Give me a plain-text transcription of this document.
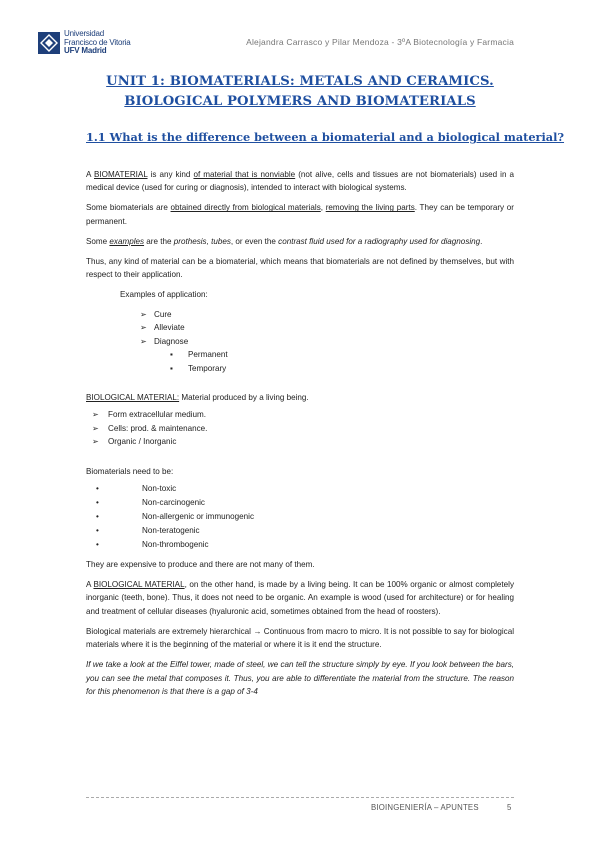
Universidad
Francisco de Vitoria
UFV Madrid
Alejandra Carrasco y Pilar Mendoza - 3ºA Biotecnología y Farmacia
UNIT 1: BIOMATERIALS: METALS AND CERAMICS.
BIOLOGICAL POLYMERS AND BIOMATERIALS
1.1 What is the difference between a biomaterial and a biological material?

A BIOMATERIAL is any kind of material that is nonviable (not alive, cells and tissues are not biomaterials) used in a medical device (used for curing or diagnosis), intended to interact with biological systems.

Some biomaterials are obtained directly from biological materials, removing the living parts. They can be temporary or permanent.

Some examples are the prothesis, tubes, or even the contrast fluid used for a radiography used for diagnosing.

Thus, any kind of material can be a biomaterial, which means that biomaterials are not defined by themselves, but with respect to their application.

Examples of application:
➢ Cure
➢ Alleviate
➢ Diagnose
▪ Permanent
▪ Temporary

BIOLOGICAL MATERIAL: Material produced by a living being.

➢ Form extracellular medium.
➢ Cells: prod. & maintenance.
➢ Organic / Inorganic

Biomaterials need to be:

•	Non-toxic
•	Non-carcinogenic
•	Non-allergenic or immunogenic
•	Non-teratogenic
•	Non-thrombogenic

They are expensive to produce and there are not many of them.

A BIOLOGICAL MATERIAL, on the other hand, is made by a living being. It can be 100% organic or almost completely inorganic (teeth, bone). Thus, it does not need to be organic. An example is wood (used for architecture) or for healing and treatment of cellular diseases (hyaluronic acid, sometimes obtained from the head of roosters).

Biological materials are extremely hierarchical → Continuous from macro to micro. It is not possible to say for biological materials where it is the beginning of the material or where it is it end the structure.

If we take a look at the Eiffel tower, made of steel, we can tell the structure simply by eye. If you look between the bars, you can see the metal that composes it. Thus, you are able to differentiate the material from the structure. The reason for this phenomenon is that there is a gap of 3-4

BIOINGENIERÍA – APUNTES	5
